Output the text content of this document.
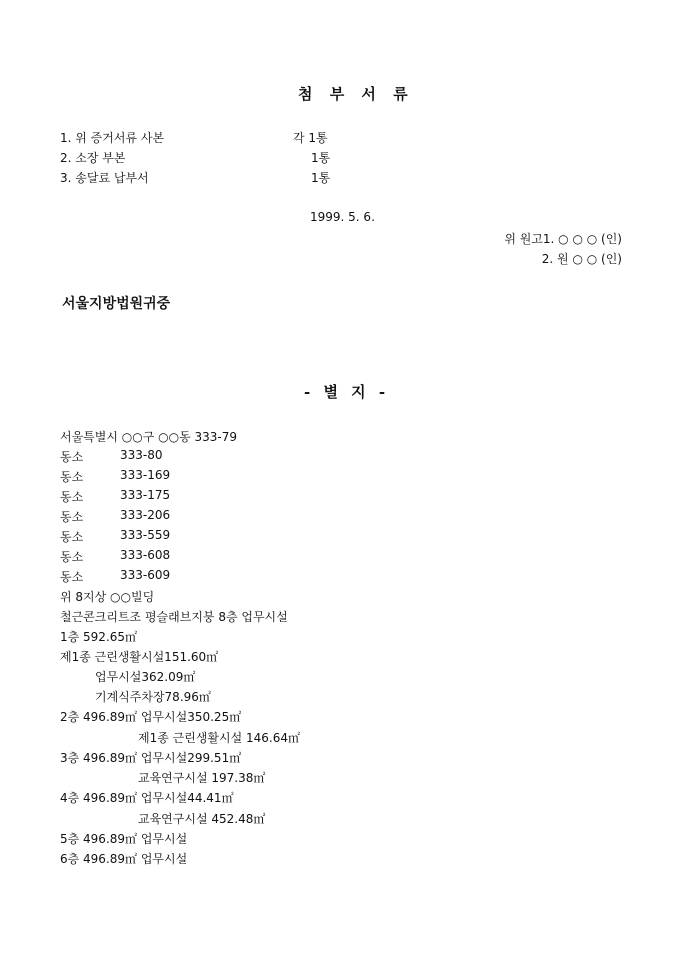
첨 부 서 류
1. 위 증거서류 사본	각 1통
2. 소장 부본	1통
3. 송달료 납부서	1통
1999. 5. 6.
위 원고1. ○ ○ ○ (인)
2. 원 ○ ○ (인)
서울지방법원귀중
- 별 지 -
서울특별시 ○○구 ○○동 333-79
동소	333-80
동소	333-169
동소	333-175
동소	333-206
동소	333-559
동소	333-608
동소	333-609
위 8지상 ○○빌딩
철근콘크리트조 평슬래브지붕 8층 업무시설
1층 592.65㎡
제1종 근린생활시설151.60㎡
업무시설362.09㎡
기계식주차장78.96㎡
2층 496.89㎡ 업무시설350.25㎡
제1종 근린생활시설 146.64㎡
3층 496.89㎡ 업무시설299.51㎡
교육연구시설 197.38㎡
4층 496.89㎡ 업무시설44.41㎡
교육연구시설 452.48㎡
5층 496.89㎡ 업무시설
6층 496.89㎡ 업무시설
